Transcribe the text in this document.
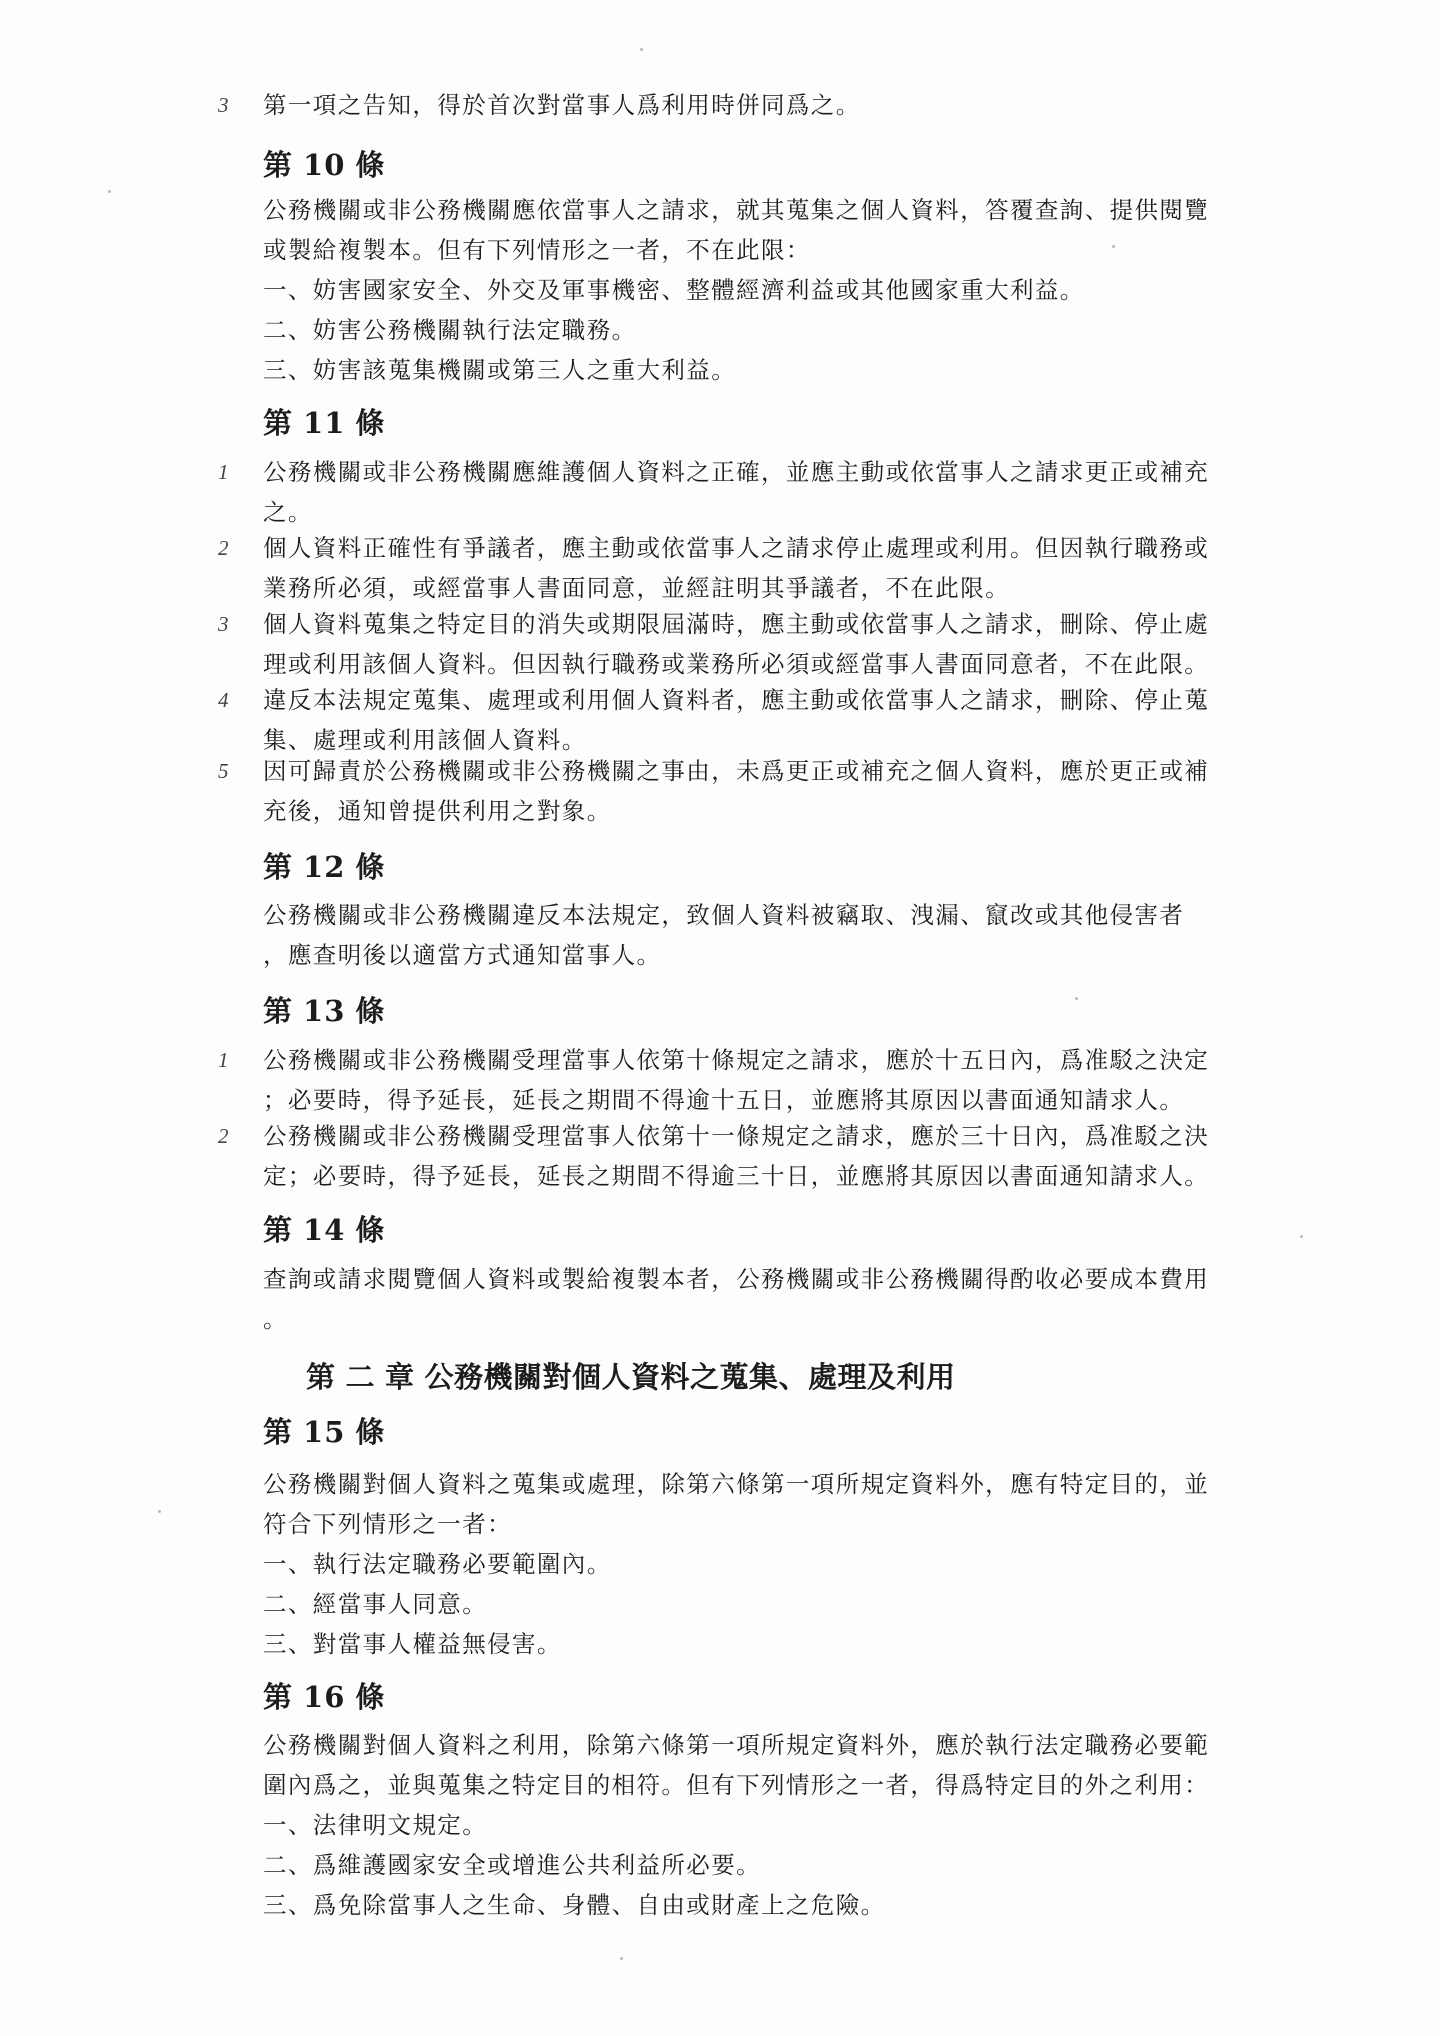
3	第一項之告知，得於首次對當事人爲利用時併同爲之。

第 10 條

公務機關或非公務機關應依當事人之請求，就其蒐集之個人資料，答覆查詢、提供閱覽
或製給複製本。但有下列情形之一者，不在此限：
一、妨害國家安全、外交及軍事機密、整體經濟利益或其他國家重大利益。
二、妨害公務機關執行法定職務。
三、妨害該蒐集機關或第三人之重大利益。

第 11 條
1	公務機關或非公務機關應維護個人資料之正確，並應主動或依當事人之請求更正或補充
之。

2	個人資料正確性有爭議者，應主動或依當事人之請求停止處理或利用。但因執行職務或
業務所必須，或經當事人書面同意，並經註明其爭議者，不在此限。

3	個人資料蒐集之特定目的消失或期限屆滿時，應主動或依當事人之請求，刪除、停止處
理或利用該個人資料。但因執行職務或業務所必須或經當事人書面同意者，不在此限。

4	違反本法規定蒐集、處理或利用個人資料者，應主動或依當事人之請求，刪除、停止蒐
集、處理或利用該個人資料。

5	因可歸責於公務機關或非公務機關之事由，未爲更正或補充之個人資料，應於更正或補
充後，通知曾提供利用之對象。

第 12 條

公務機關或非公務機關違反本法規定，致個人資料被竊取、洩漏、竄改或其他侵害者
，應查明後以適當方式通知當事人。

第 13 條
1	公務機關或非公務機關受理當事人依第十條規定之請求，應於十五日內，爲准駁之決定
；必要時，得予延長，延長之期間不得逾十五日，並應將其原因以書面通知請求人。

2	公務機關或非公務機關受理當事人依第十一條規定之請求，應於三十日內，爲准駁之決
定；必要時，得予延長，延長之期間不得逾三十日，並應將其原因以書面通知請求人。

第 14 條

查詢或請求閱覽個人資料或製給複製本者，公務機關或非公務機關得酌收必要成本費用
。

第 二 章 公務機關對個人資料之蒐集、處理及利用
第 15 條

公務機關對個人資料之蒐集或處理，除第六條第一項所規定資料外，應有特定目的，並
符合下列情形之一者：
一、執行法定職務必要範圍內。
二、經當事人同意。
三、對當事人權益無侵害。

第 16 條

公務機關對個人資料之利用，除第六條第一項所規定資料外，應於執行法定職務必要範
圍內爲之，並與蒐集之特定目的相符。但有下列情形之一者，得爲特定目的外之利用：
一、法律明文規定。
二、爲維護國家安全或增進公共利益所必要。
三、爲免除當事人之生命、身體、自由或財產上之危險。
